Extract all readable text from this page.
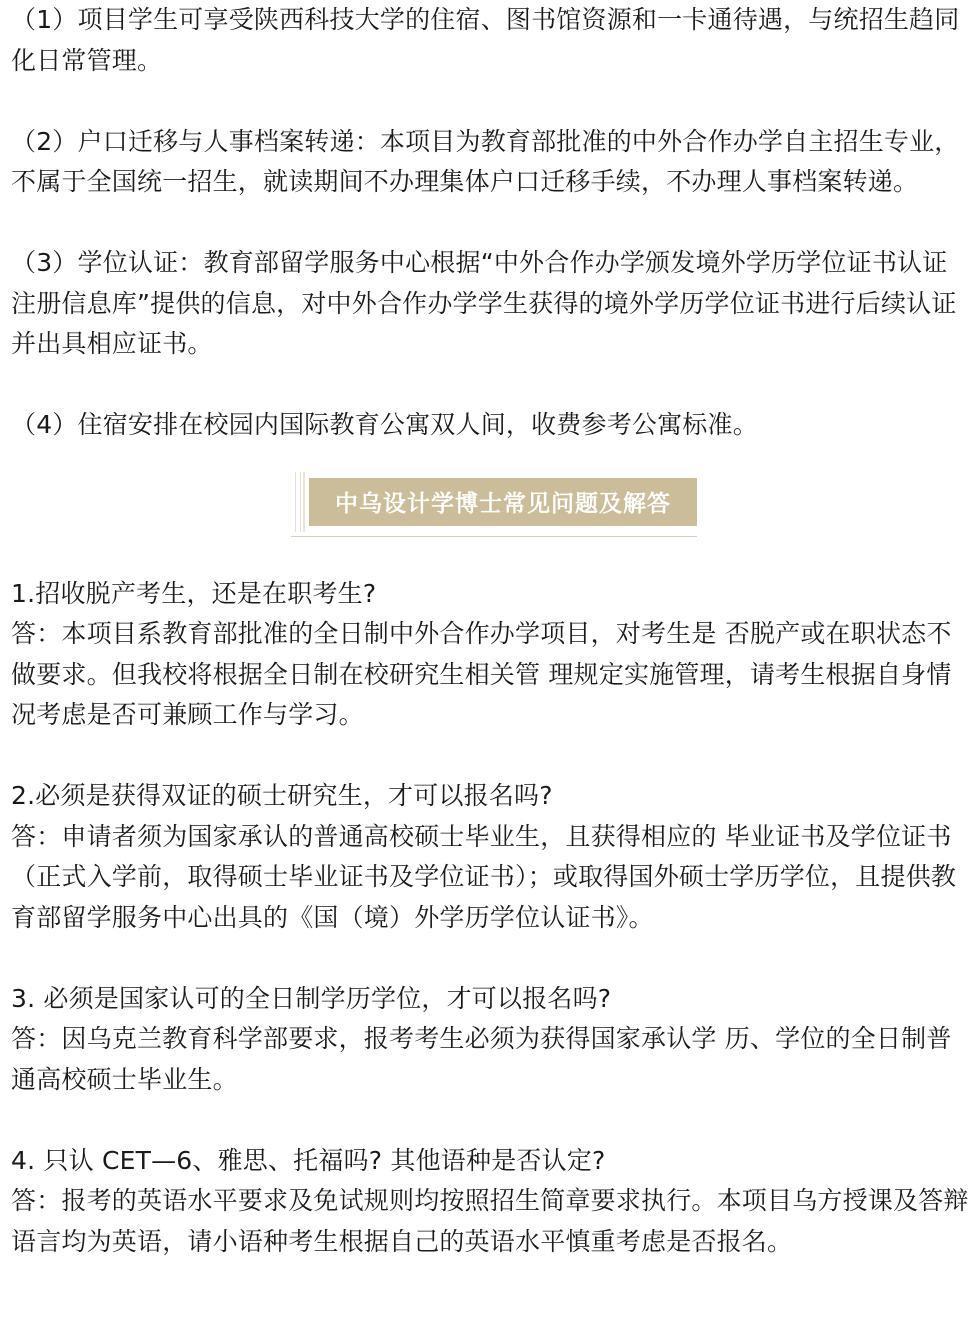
（1）项目学生可享受陕西科技大学的住宿、图书馆资源和一卡通待遇，与统招生趋同化日常管理。

（2）户口迁移与人事档案转递：本项目为教育部批准的中外合作办学自主招生专业，不属于全国统一招生，就读期间不办理集体户口迁移手续，不办理人事档案转递。

（3）学位认证：教育部留学服务中心根据“中外合作办学颁发境外学历学位证书认证注册信息库”提供的信息，对中外合作办学学生获得的境外学历学位证书进行后续认证并出具相应证书。

（4）住宿安排在校园内国际教育公寓双人间，收费参考公寓标准。

中乌设计学博士常见问题及解答

1.招收脱产考生，还是在职考生?

答：本项目系教育部批准的全日制中外合作办学项目，对考生是 否脱产或在职状态不做要求。但我校将根据全日制在校研究生相关管 理规定实施管理，请考生根据自身情况考虑是否可兼顾工作与学习。

2.必须是获得双证的硕士研究生，才可以报名吗?

答：申请者须为国家承认的普通高校硕士毕业生，且获得相应的 毕业证书及学位证书（正式入学前，取得硕士毕业证书及学位证书）；或取得国外硕士学历学位，且提供教育部留学服务中心出具的《国（境）外学历学位认证书》。

3. 必须是国家认可的全日制学历学位，才可以报名吗?

答：因乌克兰教育科学部要求，报考考生必须为获得国家承认学 历、学位的全日制普通高校硕士毕业生。

4. 只认 CET—6、雅思、托福吗? 其他语种是否认定?

答：报考的英语水平要求及免试规则均按照招生简章要求执行。本项目乌方授课及答辩语言均为英语，请小语种考生根据自己的英语水平慎重考虑是否报名。
